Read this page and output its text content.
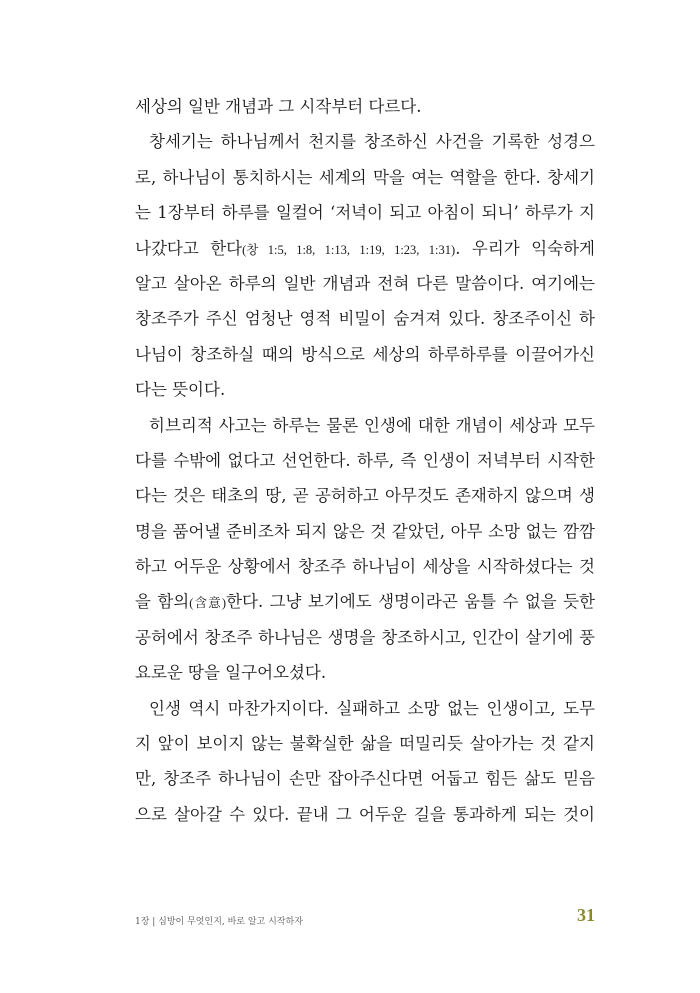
세상의 일반 개념과 그 시작부터 다르다.
창세기는 하나님께서 천지를 창조하신 사건을 기록한 성경으
로, 하나님이 통치하시는 세계의 막을 여는 역할을 한다. 창세기
는 1장부터 하루를 일컬어 ‘저녁이 되고 아침이 되니’ 하루가 지
나갔다고 한다(창 1:5, 1:8, 1:13, 1:19, 1:23, 1:31). 우리가 익숙하게
알고 살아온 하루의 일반 개념과 전혀 다른 말씀이다. 여기에는
창조주가 주신 엄청난 영적 비밀이 숨겨져 있다. 창조주이신 하
나님이 창조하실 때의 방식으로 세상의 하루하루를 이끌어가신
다는 뜻이다.
히브리적 사고는 하루는 물론 인생에 대한 개념이 세상과 모두
다를 수밖에 없다고 선언한다. 하루, 즉 인생이 저녁부터 시작한
다는 것은 태초의 땅, 곧 공허하고 아무것도 존재하지 않으며 생
명을 품어낼 준비조차 되지 않은 것 같았던, 아무 소망 없는 깜깜
하고 어두운 상황에서 창조주 하나님이 세상을 시작하셨다는 것
을 함의(含意)한다. 그냥 보기에도 생명이라곤 움틀 수 없을 듯한
공허에서 창조주 하나님은 생명을 창조하시고, 인간이 살기에 풍
요로운 땅을 일구어오셨다.
인생 역시 마찬가지이다. 실패하고 소망 없는 인생이고, 도무
지 앞이 보이지 않는 불확실한 삶을 떠밀리듯 살아가는 것 같지
만, 창조주 하나님이 손만 잡아주신다면 어둡고 힘든 삶도 믿음
으로 살아갈 수 있다. 끝내 그 어두운 길을 통과하게 되는 것이
1장 | 심방이 무엇인지, 바로 알고 시작하자	31
